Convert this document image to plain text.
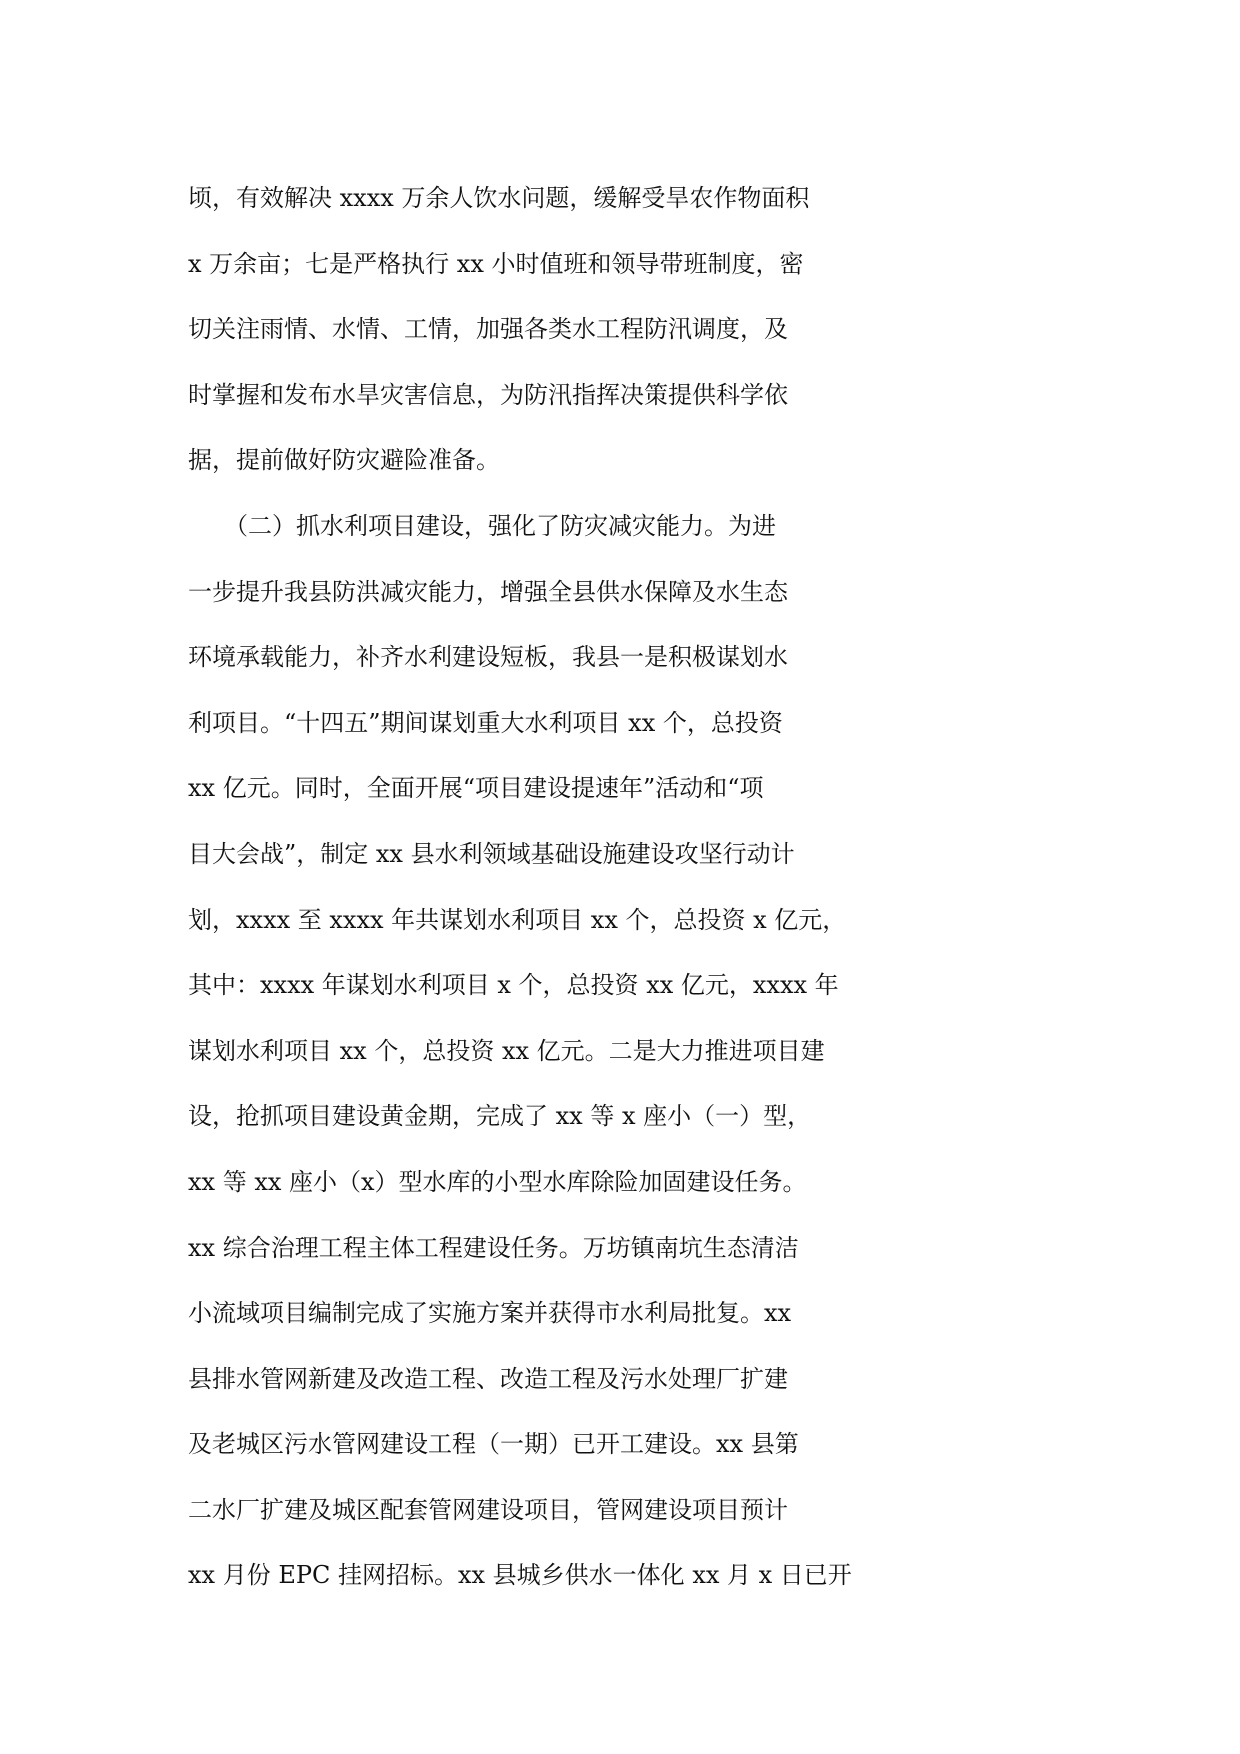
顷，有效解决 xxxx 万余人饮水问题，缓解受旱农作物面积
x 万余亩；七是严格执行 xx 小时值班和领导带班制度，密
切关注雨情、水情、工情，加强各类水工程防汛调度，及
时掌握和发布水旱灾害信息，为防汛指挥决策提供科学依
据，提前做好防灾避险准备。
　　（二）抓水利项目建设，强化了防灾减灾能力。为进
一步提升我县防洪减灾能力，增强全县供水保障及水生态
环境承载能力，补齐水利建设短板，我县一是积极谋划水
利项目。“十四五”期间谋划重大水利项目 xx 个，总投资
xx 亿元。同时，全面开展“项目建设提速年”活动和“项
目大会战”，制定 xx 县水利领域基础设施建设攻坚行动计
划，xxxx 至 xxxx 年共谋划水利项目 xx 个，总投资 x 亿元，
其中：xxxx 年谋划水利项目 x 个，总投资 xx 亿元，xxxx 年
谋划水利项目 xx 个，总投资 xx 亿元。二是大力推进项目建
设，抢抓项目建设黄金期，完成了 xx 等 x 座小（一）型，
xx 等 xx 座小（x）型水库的小型水库除险加固建设任务。
xx 综合治理工程主体工程建设任务。万坊镇南坑生态清洁
小流域项目编制完成了实施方案并获得市水利局批复。xx
县排水管网新建及改造工程、改造工程及污水处理厂扩建
及老城区污水管网建设工程（一期）已开工建设。xx 县第
二水厂扩建及城区配套管网建设项目，管网建设项目预计
xx 月份 EPC 挂网招标。xx 县城乡供水一体化 xx 月 x 日已开
